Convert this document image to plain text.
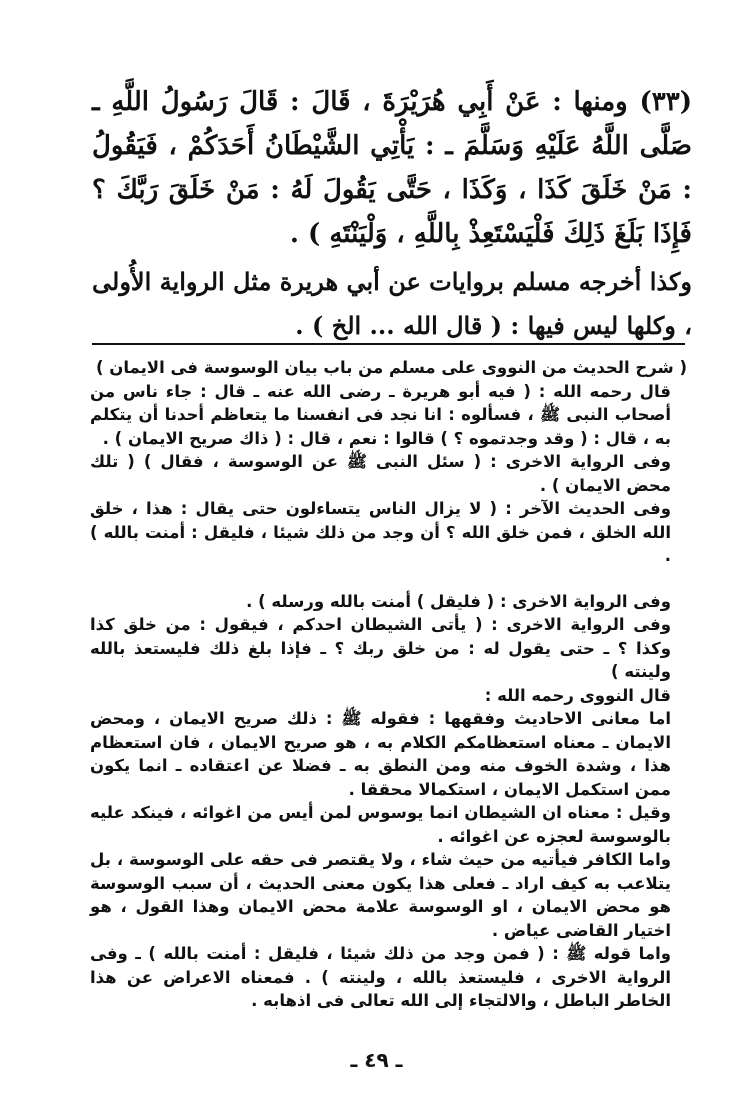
(٣٣) ومنها : عَنْ أَبِي هُرَيْرَةَ ، قَالَ : قَالَ رَسُولُ اللَّهِ ـ صَلَّى اللَّهُ عَلَيْهِ وَسَلَّمَ ـ : يَأْتِي الشَّيْطَانُ أَحَدَكُمْ ، فَيَقُولُ : مَنْ خَلَقَ كَذَا ، وَكَذَا ، حَتَّى يَقُولَ لَهُ : مَنْ خَلَقَ رَبَّكَ ؟ فَإِذَا بَلَغَ ذَلِكَ فَلْيَسْتَعِذْ بِاللَّهِ ، وَلْيَنْتَهِ ) .

وكذا أخرجه مسلم بروايات عن أبي هريرة مثل الرواية الأُولى ، وكلها ليس فيها : ( قال الله ... الخ ) .

( شرح الحديث من النووى على مسلم من باب بيان الوسوسة فى الايمان )

قال رحمه الله : ( فيه أبو هريرة ـ رضى الله عنه ـ قال : جاء ناس من أصحاب النبى ﷺ ، فسألوه : انا نجد فى انفسنا ما يتعاظم أحدنا أن يتكلم به ، قال : ( وقد وجدتموه ؟ ) قالوا : نعم ، قال : ( ذاك صريح الايمان ) .

وفى الرواية الاخرى : ( سئل النبى ﷺ عن الوسوسة ، فقال ) ( تلك محض الايمان ) .

وفى الحديث الآخر : ( لا يزال الناس يتساءلون حتى يقال : هذا ، خلق الله الخلق ، فمن خلق الله ؟ أن وجد من ذلك شيئا ، فليقل : أمنت بالله ) .

وفى الرواية الاخرى : ( فليقل ) أمنت بالله ورسله ) .

وفى الرواية الاخرى : ( يأتى الشيطان احدكم ، فيقول : من خلق كذا وكذا ؟ ـ حتى يقول له : من خلق ربك ؟ ـ فإذا بلغ ذلك فليستعذ بالله ولينته )

قال النووى رحمه الله :

اما معانى الاحاديث وفقهها : فقوله ﷺ : ذلك صريح الايمان ، ومحض الايمان ـ معناه استعظامكم الكلام به ، هو صريح الايمان ، فان استعظام هذا ، وشدة الخوف منه ومن النطق به ـ فضلا عن اعتقاده ـ انما يكون ممن استكمل الايمان ، استكمالا محققا .

وقيل : معناه ان الشيطان انما يوسوس لمن أيس من اغوائه ، فينكد عليه بالوسوسة لعجزه عن اغوائه .

واما الكافر فيأتيه من حيث شاء ، ولا يقتصر فى حقه على الوسوسة ، بل يتلاعب به كيف اراد ـ فعلى هذا يكون معنى الحديث ، أن سبب الوسوسة هو محض الايمان ، او الوسوسة علامة محض الايمان وهذا القول ، هو اختيار القاضى عياض .

واما قوله ﷺ : ( فمن وجد من ذلك شيئا ، فليقل : أمنت بالله ) ـ وفى الرواية الاخرى ، فليستعذ بالله ، ولينته ) . فمعناه الاعراض عن هذا الخاطر الباطل ، والالتجاء إلى الله تعالى فى اذهابه .

ـ ٤٩ ـ
